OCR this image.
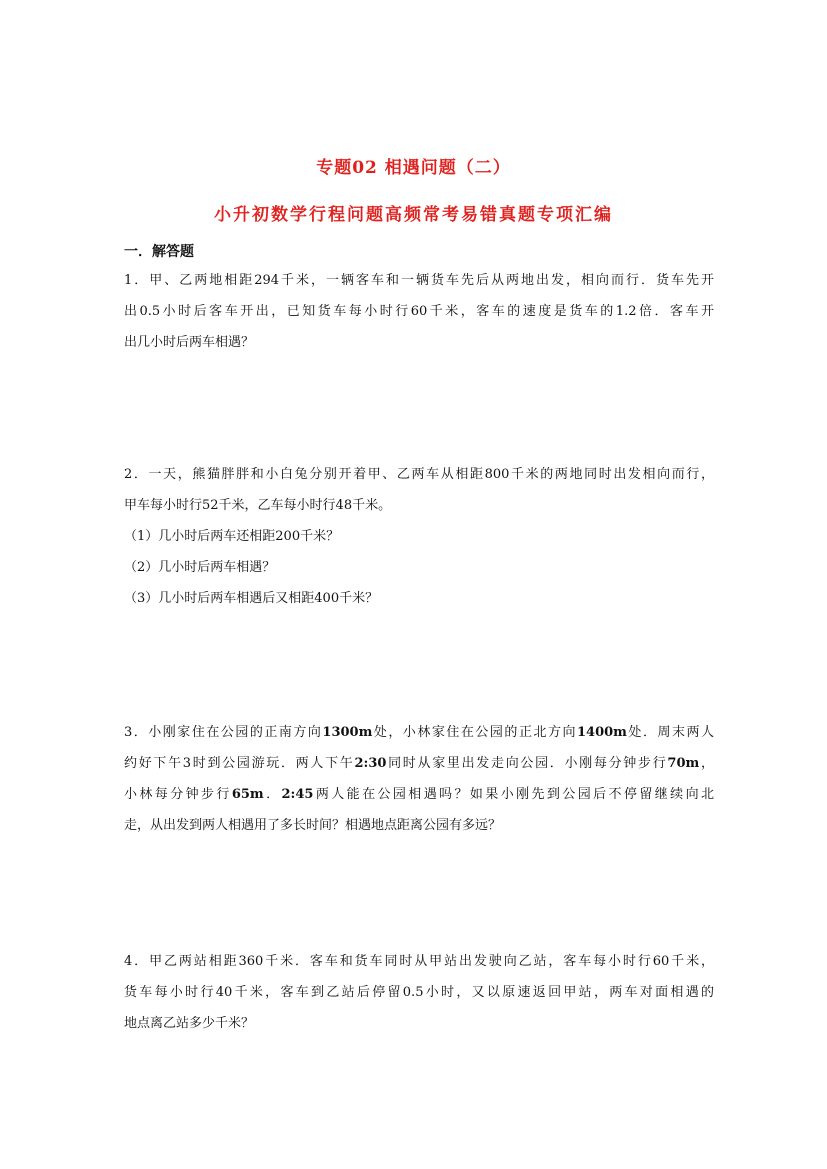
专题02 相遇问题（二）
小升初数学行程问题高频常考易错真题专项汇编
一．解答题
1．甲、乙两地相距294千米，一辆客车和一辆货车先后从两地出发，相向而行．货车先开
出0.5小时后客车开出，已知货车每小时行60千米，客车的速度是货车的1.2倍．客车开
出几小时后两车相遇？
2．一天，熊猫胖胖和小白兔分别开着甲、乙两车从相距800千米的两地同时出发相向而行，
甲车每小时行52千米，乙车每小时行48千米。
（1）几小时后两车还相距200千米？
（2）几小时后两车相遇？
（3）几小时后两车相遇后又相距400千米？
3．小刚家住在公园的正南方向1300m处，小林家住在公园的正北方向1400m处．周末两人
约好下午3时到公园游玩．两人下午2:30同时从家里出发走向公园．小刚每分钟步行70m，
小林每分钟步行65m．2:45两人能在公园相遇吗？如果小刚先到公园后不停留继续向北
走，从出发到两人相遇用了多长时间？相遇地点距离公园有多远？
4．甲乙两站相距360千米．客车和货车同时从甲站出发驶向乙站，客车每小时行60千米，
货车每小时行40千米，客车到乙站后停留0.5小时，又以原速返回甲站，两车对面相遇的
地点离乙站多少千米？
